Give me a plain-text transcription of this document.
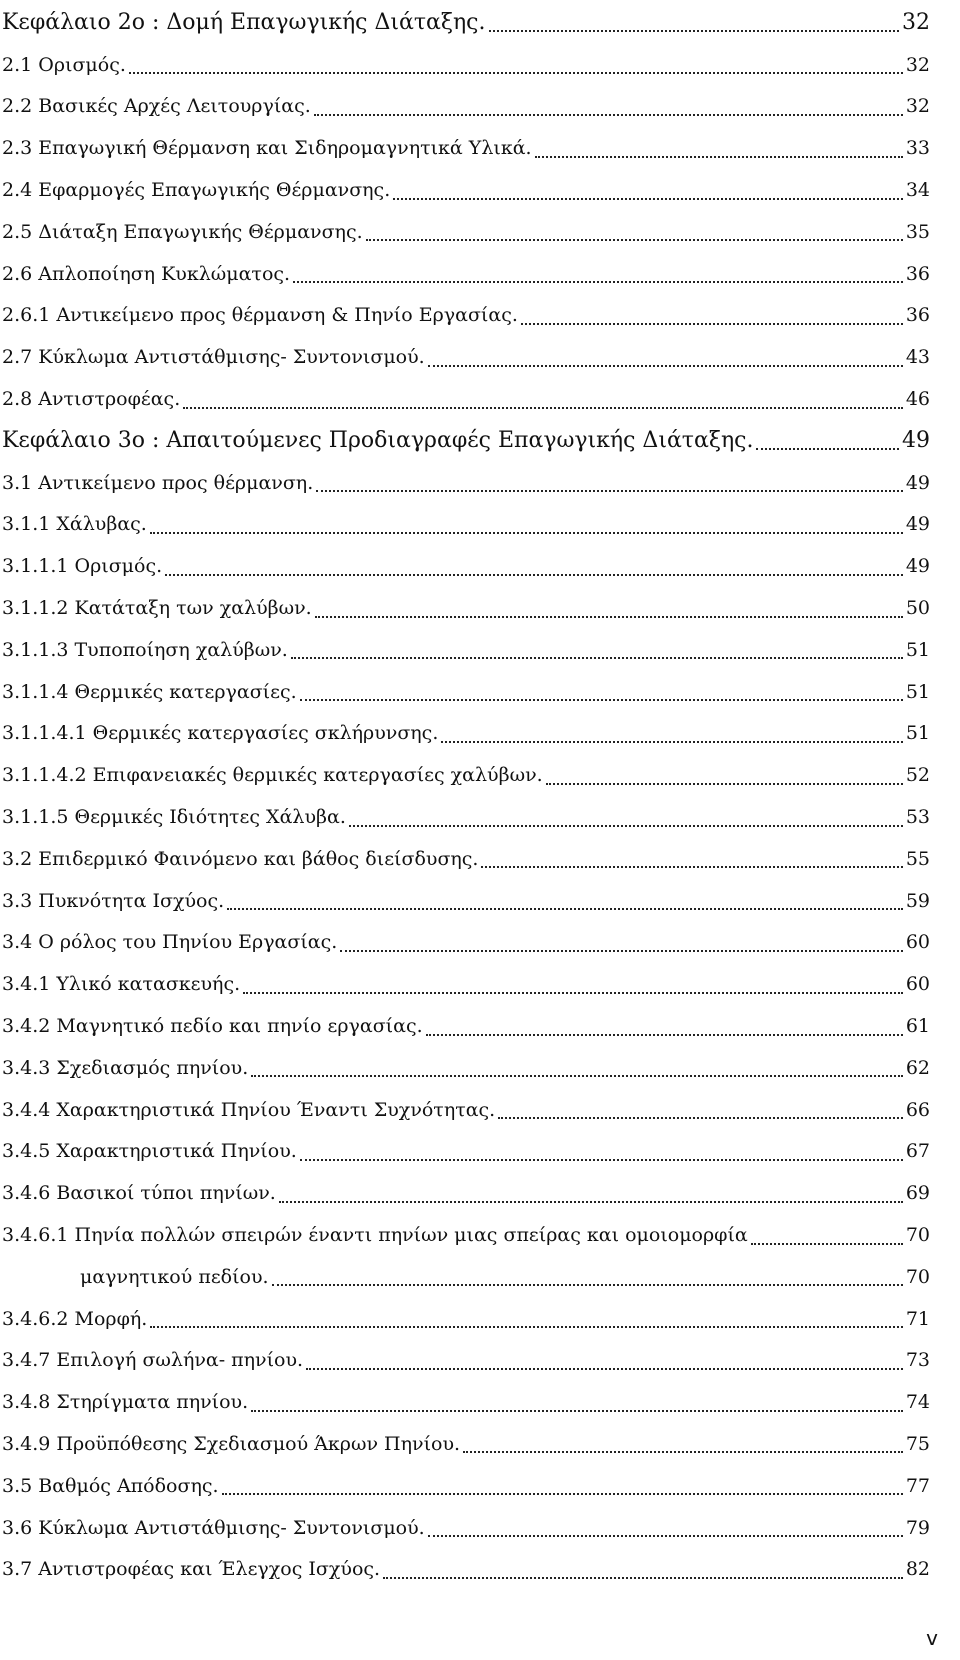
Κεφάλαιο 2ο : Δομή Επαγωγικής Διάταξης.	32
2.1 Ορισμός.	32
2.2 Βασικές Αρχές Λειτουργίας.	32
2.3 Επαγωγική Θέρμανση και Σιδηρομαγνητικά Υλικά.	33
2.4 Εφαρμογές Επαγωγικής Θέρμανσης.	34
2.5 Διάταξη Επαγωγικής Θέρμανσης.	35
2.6 Απλοποίηση Κυκλώματος.	36
2.6.1 Αντικείμενο προς θέρμανση & Πηνίο Εργασίας.	36
2.7 Κύκλωμα Αντιστάθμισης- Συντονισμού.	43
2.8 Αντιστροφέας.	46
Κεφάλαιο 3ο : Απαιτούμενες Προδιαγραφές Επαγωγικής Διάταξης.	49
3.1 Αντικείμενο προς θέρμανση.	49
3.1.1 Χάλυβας.	49
3.1.1.1 Ορισμός.	49
3.1.1.2 Κατάταξη των χαλύβων.	50
3.1.1.3 Τυποποίηση χαλύβων.	51
3.1.1.4 Θερμικές κατεργασίες.	51
3.1.1.4.1 Θερμικές κατεργασίες σκλήρυνσης.	51
3.1.1.4.2 Επιφανειακές θερμικές κατεργασίες χαλύβων.	52
3.1.1.5 Θερμικές Ιδιότητες Χάλυβα.	53
3.2 Επιδερμικό Φαινόμενο και βάθος διείσδυσης.	55
3.3 Πυκνότητα Ισχύος.	59
3.4 Ο ρόλος του Πηνίου Εργασίας.	60
3.4.1 Υλικό κατασκευής.	60
3.4.2 Μαγνητικό πεδίο και πηνίο εργασίας.	61
3.4.3 Σχεδιασμός πηνίου.	62
3.4.4 Χαρακτηριστικά Πηνίου Έναντι Συχνότητας.	66
3.4.5 Χαρακτηριστικά Πηνίου.	67
3.4.6 Βασικοί τύποι πηνίων.	69
3.4.6.1 Πηνία πολλών σπειρών έναντι πηνίων μιας σπείρας και ομοιομορφία	70
μαγνητικού πεδίου.	70
3.4.6.2 Μορφή.	71
3.4.7 Επιλογή σωλήνα- πηνίου.	73
3.4.8 Στηρίγματα πηνίου.	74
3.4.9 Προϋπόθεσης Σχεδιασμού Άκρων Πηνίου.	75
3.5 Βαθμός Απόδοσης.	77
3.6 Κύκλωμα Αντιστάθμισης- Συντονισμού.	79
3.7 Αντιστροφέας και Έλεγχος Ισχύος.	82
v
